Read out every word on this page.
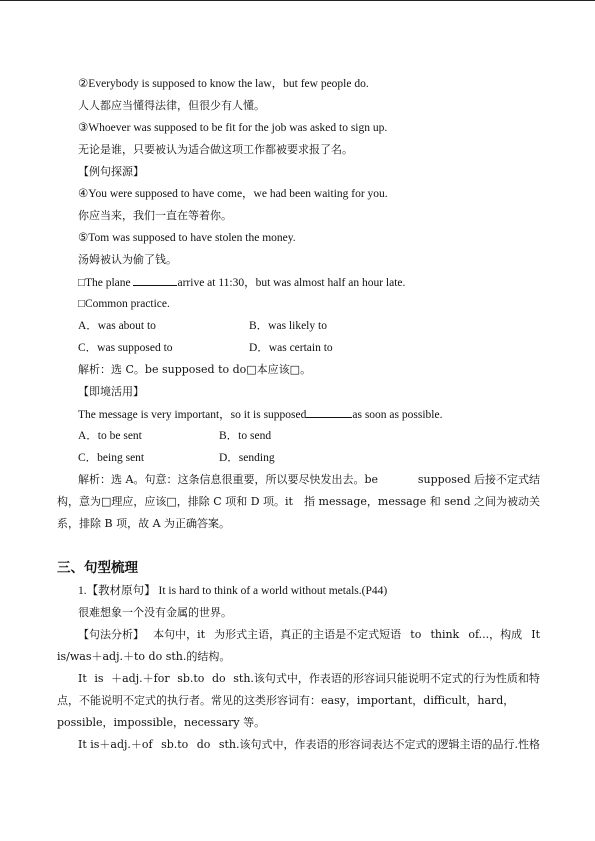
②Everybody is supposed to know the law，but few people do.
人人都应当懂得法律，但很少有人懂。
③Whoever was supposed to be fit for the job was asked to sign up.
无论是谁，只要被认为适合做这项工作都被要求报了名。
【例句探源】
④You were supposed to have come，we had been waiting for you.
你应当来，我们一直在等着你。
⑤Tom was supposed to have stolen the money.
汤姆被认为偷了钱。
□The plane	arrive at 11:30，but was almost half an hour late.
□Common practice.
A．was about to	B．was likely to
C．was supposed to	D．was certain to
解析：选 C。be supposed to do□本应该□。
【即境活用】
The message is very important，so it is supposed	as soon as possible.
A．to be sent	B．to send
C．being sent	D．sending
解析：选 A。句意：这条信息很重要，所以要尽快发出去。be	supposed 后接不定式结
构，意为□理应，应该□，排除 C 项和 D 项。it 指 message，message 和 send 之间为被动关
系，排除 B 项，故 A 为正确答案。
三、句型梳理
1.【教材原句】 It is hard to think of a world without metals.(P44)
很难想象一个没有金属的世界。
【句法分析】 本句中，it 为形式主语，真正的主语是不定式短语 to think of...，构成 It
is/was＋adj.＋to do sth.的结构。
It is ＋adj.＋for sb.to do sth.该句式中，作表语的形容词只能说明不定式的行为性质和特
点，不能说明不定式的执行者。常见的这类形容词有：easy，important，difficult，hard，
possible，impossible，necessary 等。
It is＋adj.＋of sb.to do sth.该句式中，作表语的形容词表达不定式的逻辑主语的品行.性格
